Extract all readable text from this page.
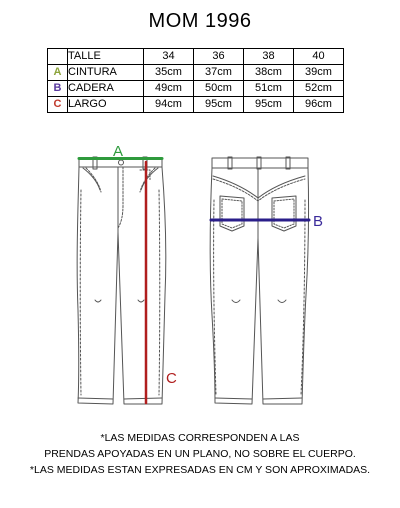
MOM 1996
	TALLE	34	36	38	40
A	CINTURA	35cm	37cm	38cm	39cm
B	CADERA	49cm	50cm	51cm	52cm
C	LARGO	94cm	95cm	95cm	96cm
A
B
C
*LAS MEDIDAS CORRESPONDEN A LAS
PRENDAS APOYADAS EN UN PLANO, NO SOBRE EL CUERPO.
*LAS MEDIDAS ESTAN EXPRESADAS EN CM Y SON APROXIMADAS.
